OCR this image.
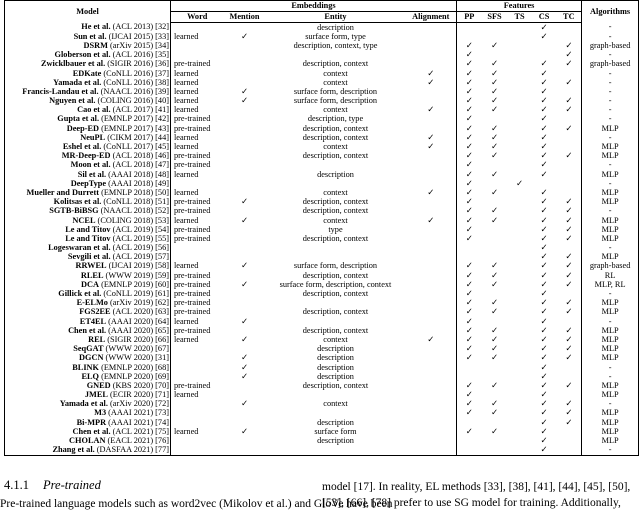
Model	Embeddings				Features					Algorithms
	Word	Mention	Entity	Alignment	PP	SFS	TS	CS	TC	
He et al. (ACL 2013) [32]			description					✓		-
Sun et al. (IJCAI 2015) [33]	learned	✓	surface form, type					✓		-
DSRM (arXiv 2015) [34]			description, context, type		✓	✓			✓	graph-based
Globerson et al. (ACL 2016) [35]					✓				✓	-
Zwicklbauer et al. (SIGIR 2016) [36]	pre-trained		description, context		✓	✓		✓	✓	graph-based
EDKate (CoNLL 2016) [37]	learned		context	✓	✓	✓		✓		-
Yamada et al. (CoNLL 2016) [38]	learned		context	✓	✓	✓		✓	✓	-
Francis-Landau et al. (NAACL 2016) [39]	learned	✓	surface form, description		✓	✓		✓		-
Nguyen et al. (COLING 2016) [40]	learned	✓	surface form, description		✓	✓		✓	✓	-
Cao et al. (ACL 2017) [41]	learned		context	✓	✓	✓		✓	✓	-
Gupta et al. (EMNLP 2017) [42]	pre-trained		description, type		✓			✓		-
Deep-ED (EMNLP 2017) [43]	pre-trained		description, context		✓	✓		✓	✓	MLP
NeuPL (CIKM 2017) [44]	learned		description, context	✓	✓	✓		✓		-
Eshel et al. (CoNLL 2017) [45]	learned		context	✓	✓	✓		✓		MLP
MR-Deep-ED (ACL 2018) [46]	pre-trained		description, context		✓	✓		✓	✓	MLP
Moon et al. (ACL 2018) [47]	pre-trained				✓			✓		-
Sil et al. (AAAI 2018) [48]	learned		description		✓	✓		✓		MLP
DeepType (AAAI 2018) [49]					✓		✓			-
Mueller and Durrett (EMNLP 2018) [50]	learned		context	✓	✓	✓		✓		MLP
Kolitsas et al. (CoNLL 2018) [51]	pre-trained	✓	description, context		✓			✓	✓	MLP
SGTB-BiBSG (NAACL 2018) [52]	pre-trained		description, context		✓	✓		✓	✓	-
NCEL (COLING 2018) [53]	learned	✓	context	✓	✓	✓		✓	✓	MLP
Le and Titov (ACL 2019) [54]	pre-trained		type		✓			✓	✓	MLP
Le and Titov (ACL 2019) [55]	pre-trained		description, context		✓			✓	✓	MLP
Logeswaran et al. (ACL 2019) [56]								✓		-
Sevgili et al. (ACL 2019) [57]								✓	✓	MLP
RRWEL (IJCAI 2019) [58]	learned	✓	surface form, description		✓	✓		✓	✓	graph-based
RLEL (WWW 2019) [59]	pre-trained		description, context		✓	✓		✓	✓	RL
DCA (EMNLP 2019) [60]	pre-trained	✓	surface form, description, context		✓	✓		✓	✓	MLP, RL
Gillick et al. (CoNLL 2019) [61]	pre-trained		description, context		✓			✓		-
E-ELMo (arXiv 2019) [62]	pre-trained				✓	✓		✓	✓	MLP
FGS2EE (ACL 2020) [63]	pre-trained		description, context		✓	✓		✓	✓	MLP
ET4EL (AAAI 2020) [64]	learned	✓			✓			✓		-
Chen et al. (AAAI 2020) [65]	pre-trained		description, context		✓	✓		✓	✓	MLP
REL (SIGIR 2020) [66]	learned	✓	context	✓	✓	✓		✓	✓	MLP
SeqGAT (WWW 2020) [67]			description		✓	✓		✓	✓	MLP
DGCN (WWW 2020) [31]		✓	description		✓	✓		✓	✓	MLP
BLINK (EMNLP 2020) [68]		✓	description					✓		-
ELQ (EMNLP 2020) [69]		✓	description					✓		-
GNED (KBS 2020) [70]	pre-trained		description, context		✓	✓		✓	✓	MLP
JMEL (ECIR 2020) [71]	learned				✓			✓		MLP
Yamada et al. (arXiv 2020) [72]		✓	context		✓	✓		✓	✓	-
M3 (AAAI 2021) [73]					✓	✓		✓	✓	MLP
Bi-MPR (AAAI 2021) [74]			description					✓	✓	MLP
Chen et al. (ACL 2021) [75]	learned	✓	surface form		✓	✓		✓		MLP
CHOLAN (EACL 2021) [76]			description					✓		MLP
Zhang et al. (DASFAA 2021) [77]								✓		-
4.1.1 Pre-trained	model [17]. In reality, EL methods [33], [38], [41], [44], [45], [50],
[53], [66], [78] prefer to use SG model for training. Additionally,
Pre-trained language models such as word2vec (Mikolov et al.) and GloVe have been
